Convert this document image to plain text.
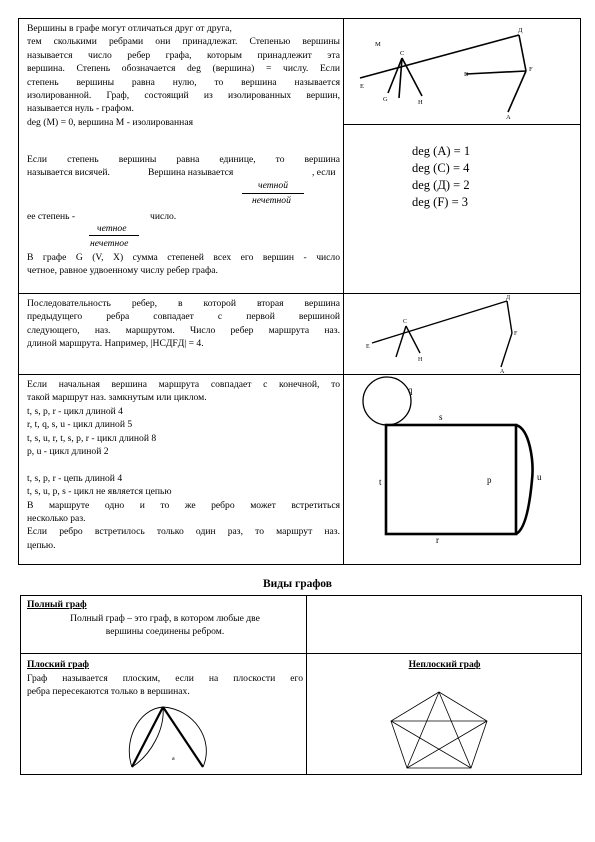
Вершины в графе могут отличаться друг от друга,
тем сколькими ребрами они принадлежат. Степенью вершины
называется число ребер графа, которым принадлежит эта
вершина. Степень обозначается deg (вершина) = числу. Если
степень вершины равна нулю, то вершина называется
изолированной. Граф, состоящий из изолированных вершин,
называется нуль - графом.
deg (M) = 0, вершина M - изолированная
Если степень вершины равна единице, то вершина
называется висячей.	Вершина называется	, если
четной
нечетной
ее степень -	число.
четное
нечетное
В графе G (V, X) сумма степеней всех его вершин - число
четное, равное удвоенному числу ребер графа.
M
Д
C
B
F
A
E
G	H
deg (A) = 1
deg (C) = 4
deg (Д) = 2
deg (F) = 3
Последовательность ребер, в которой вторая вершина
предыдущего ребра совпадает с первой вершиной
следующего, наз. маршрутом. Число ребер маршрута наз.
длиной маршрута. Например, |HCДFД| = 4.
Д
C
F
A
E
H
Если начальная вершина маршрута совпадает с конечной, то
такой маршрут наз. замкнутым или циклом.
t, s, p, r - цикл длиной 4
r, t, q, s, u - цикл длиной 5
t, s, u, r, t, s, p, r - цикл длиной 8
p, u - цикл длиной 2
t, s, p, r - цепь длиной 4
t, s, u, p, s - цикл не является цепью
В маршруте одно и то же ребро может встретиться
несколько раз.
Если ребро встретилось только один раз, то маршрут наз.
цепью.
q
s
t	p	u
r
Виды графов
Полный граф
Полный граф – это граф, в котором любые две
вершины соединены ребром.
Плоский граф
Граф называется плоским, если на плоскости его
ребра пересекаются только в вершинах.
Неплоский граф
a
